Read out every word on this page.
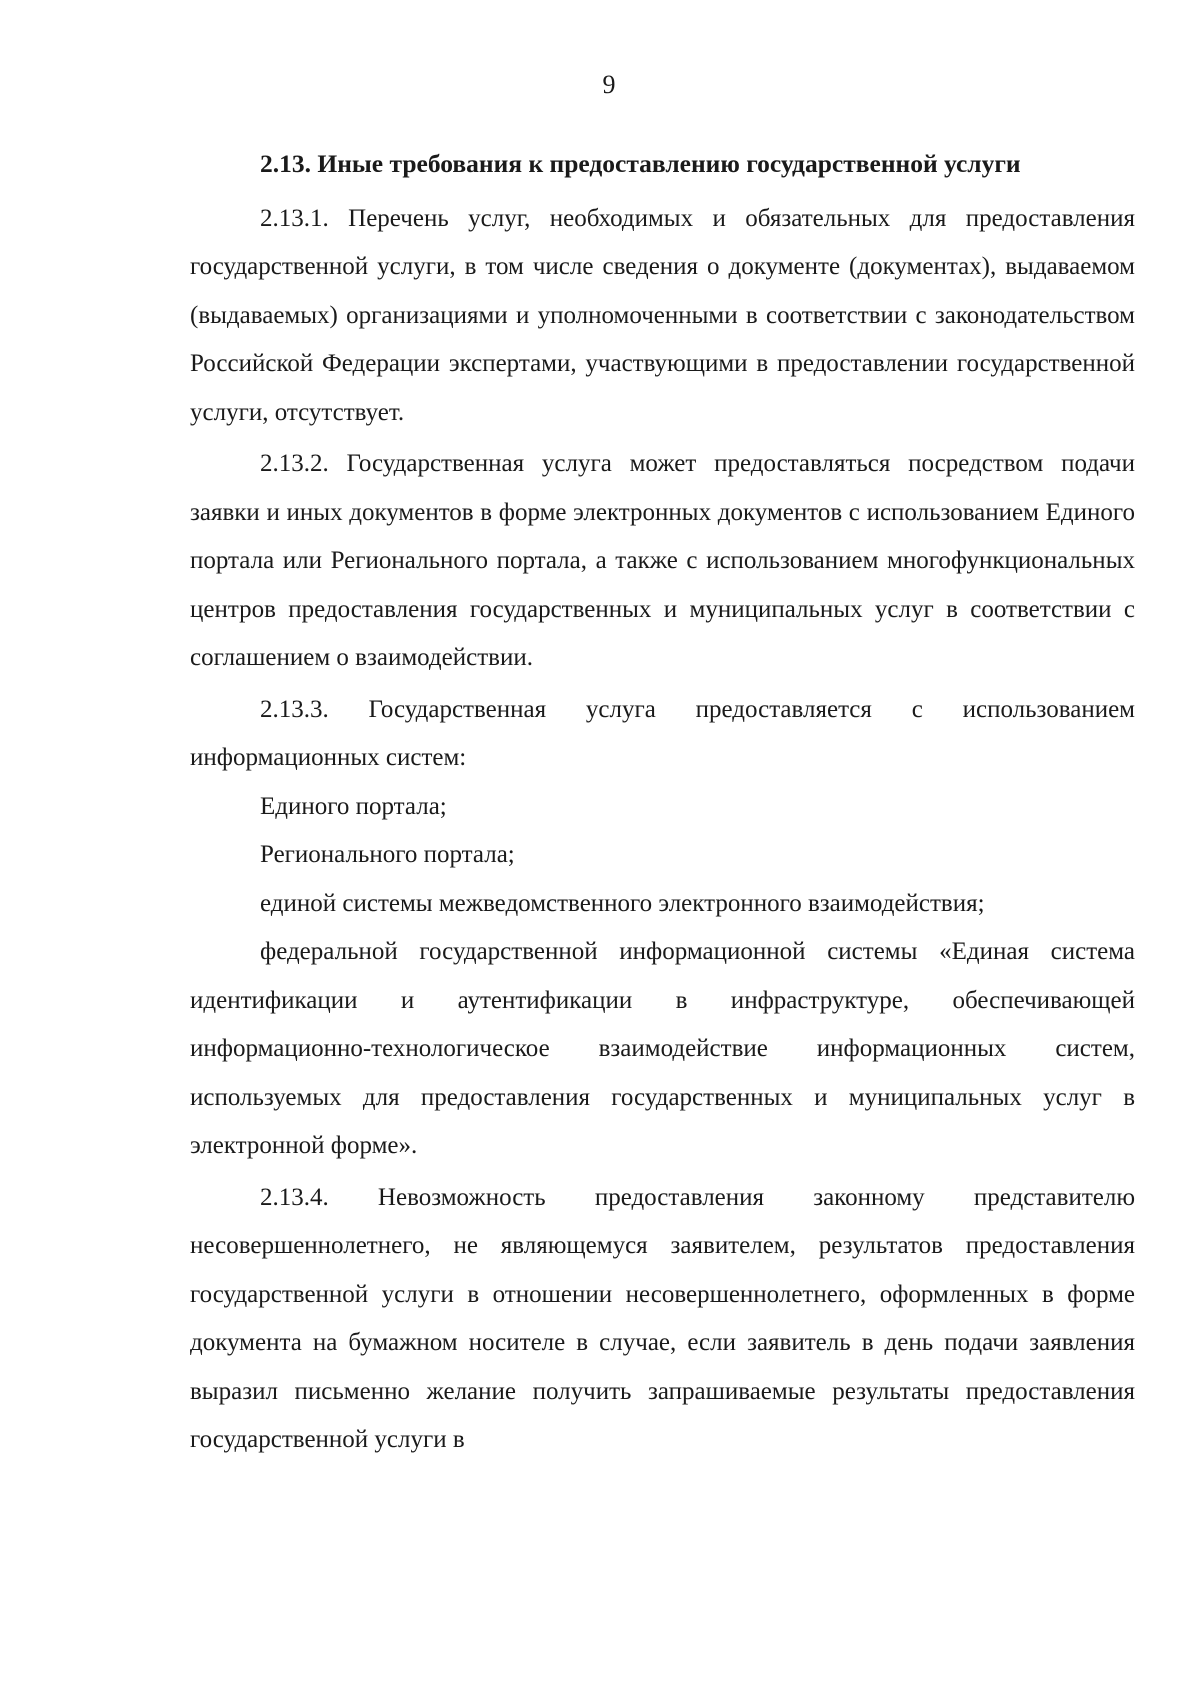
9
2.13. Иные требования к предоставлению государственной услуги

2.13.1. Перечень услуг, необходимых и обязательных для предоставления государственной услуги, в том числе сведения о документе (документах), выдаваемом (выдаваемых) организациями и уполномоченными в соответствии с законодательством Российской Федерации экспертами, участвующими в предоставлении государственной услуги, отсутствует.

2.13.2. Государственная услуга может предоставляться посредством подачи заявки и иных документов в форме электронных документов с использованием Единого портала или Регионального портала, а также с использованием многофункциональных центров предоставления государственных и муниципальных услуг в соответствии с соглашением о взаимодействии.

2.13.3. Государственная услуга предоставляется с использованием информационных систем:

Единого портала;

Регионального портала;

единой системы межведомственного электронного взаимодействия;

федеральной государственной информационной системы «Единая система идентификации и аутентификации в инфраструктуре, обеспечивающей информационно-технологическое взаимодействие информационных систем, используемых для предоставления государственных и муниципальных услуг в электронной форме».

2.13.4. Невозможность предоставления законному представителю несовершеннолетнего, не являющемуся заявителем, результатов предоставления государственной услуги в отношении несовершеннолетнего, оформленных в форме документа на бумажном носителе в случае, если заявитель в день подачи заявления выразил письменно желание получить запрашиваемые результаты предоставления государственной услуги в
